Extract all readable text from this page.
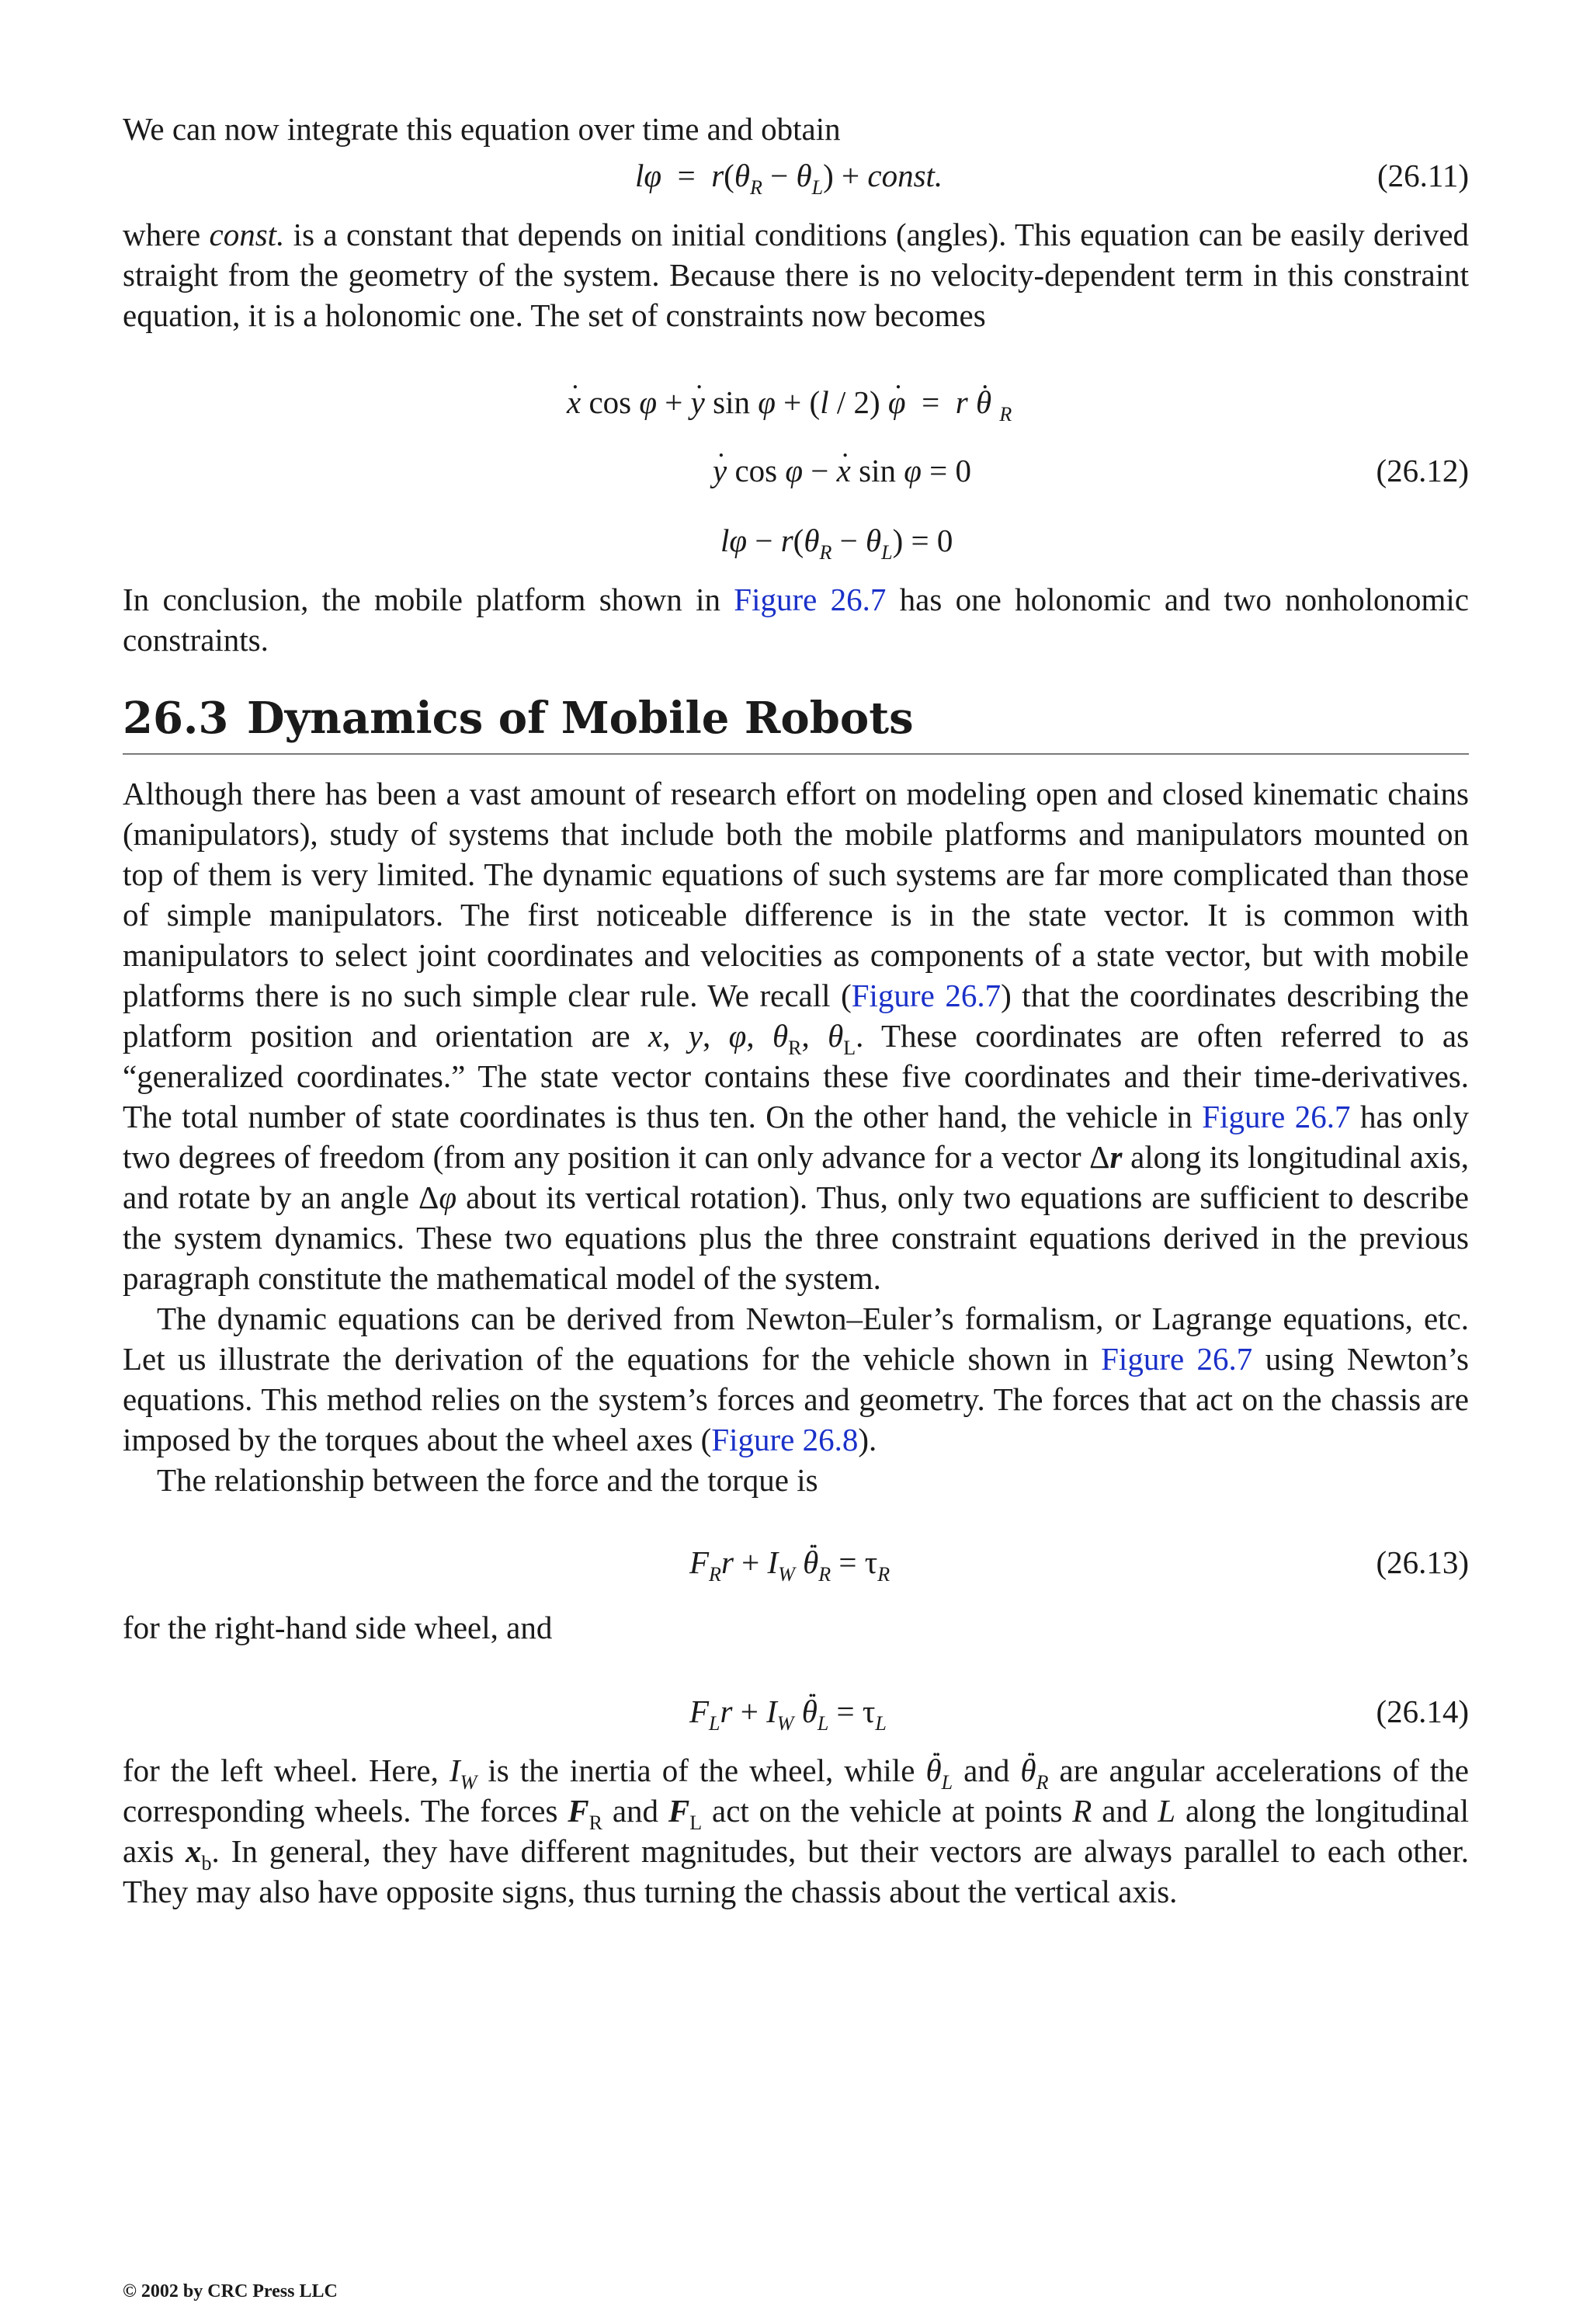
We can now integrate this equation over time and obtain

$l\varphi = r(\theta_R - \theta_L)$ + const.	(26.11)

where const. is a constant that depends on initial conditions (angles). This equation can be easily derived straight from the geometry of the system. Because there is no velocity-dependent term in this constraint equation, it is a holonomic one. The set of constraints now becomes

. x cos φ + . y sin φ + (l / 2) . φ  =  r . θ $_R$
. y cos φ − . x sin φ = 0	(26.12)
$l\varphi - r(\theta_R - \theta_L) = 0$

In conclusion, the mobile platform shown in Figure 26.7 has one holonomic and two nonholonomic constraints.

26.3 Dynamics of Mobile Robots

Although there has been a vast amount of research effort on modeling open and closed kinematic chains (manipulators), study of systems that include both the mobile platforms and manipulators mounted on top of them is very limited. The dynamic equations of such systems are far more complicated than those of simple manipulators. The first noticeable difference is in the state vector. It is common with manipulators to select joint coordinates and velocities as components of a state vector, but with mobile platforms there is no such simple clear rule. We recall (Figure 26.7) that the coordinates describing the platform position and orientation are x, y, φ, $\theta_R$, $\theta_L$. These coordinates are often referred to as “generalized coordinates.” The state vector contains these five coordinates and their time-derivatives. The total number of state coordinates is thus ten. On the other hand, the vehicle in Figure 26.7 has only two degrees of freedom (from any position it can only advance for a vector Δr along its longitudinal axis, and rotate by an angle Δφ about its vertical rotation). Thus, only two equations are sufficient to describe the system dynamics. These two equations plus the three constraint equations derived in the previous paragraph constitute the mathematical model of the system.

The dynamic equations can be derived from Newton–Euler’s formalism, or Lagrange equations, etc. Let us illustrate the derivation of the equations for the vehicle shown in Figure 26.7 using Newton’s equations. This method relies on the system’s forces and geometry. The forces that act on the chassis are imposed by the torques about the wheel axes (Figure 26.8).

The relationship between the force and the torque is

$F_Rr + I_W$ .. $\theta_R = \tau_R$	(26.13)

for the right-hand side wheel, and

$F_Lr + I_W$ .. $\theta_L = \tau_L$	(26.14)

for the left wheel. Here, $I_W$ is the inertia of the wheel, while .. $\theta_L$ and .. $\theta_R$ are angular accelerations of the corresponding wheels. The forces $F_R$ and $F_L$ act on the vehicle at points R and L along the longitudinal axis $x_b$. In general, they have different magnitudes, but their vectors are always parallel to each other. They may also have opposite signs, thus turning the chassis about the vertical axis.

© 2002 by CRC Press LLC
